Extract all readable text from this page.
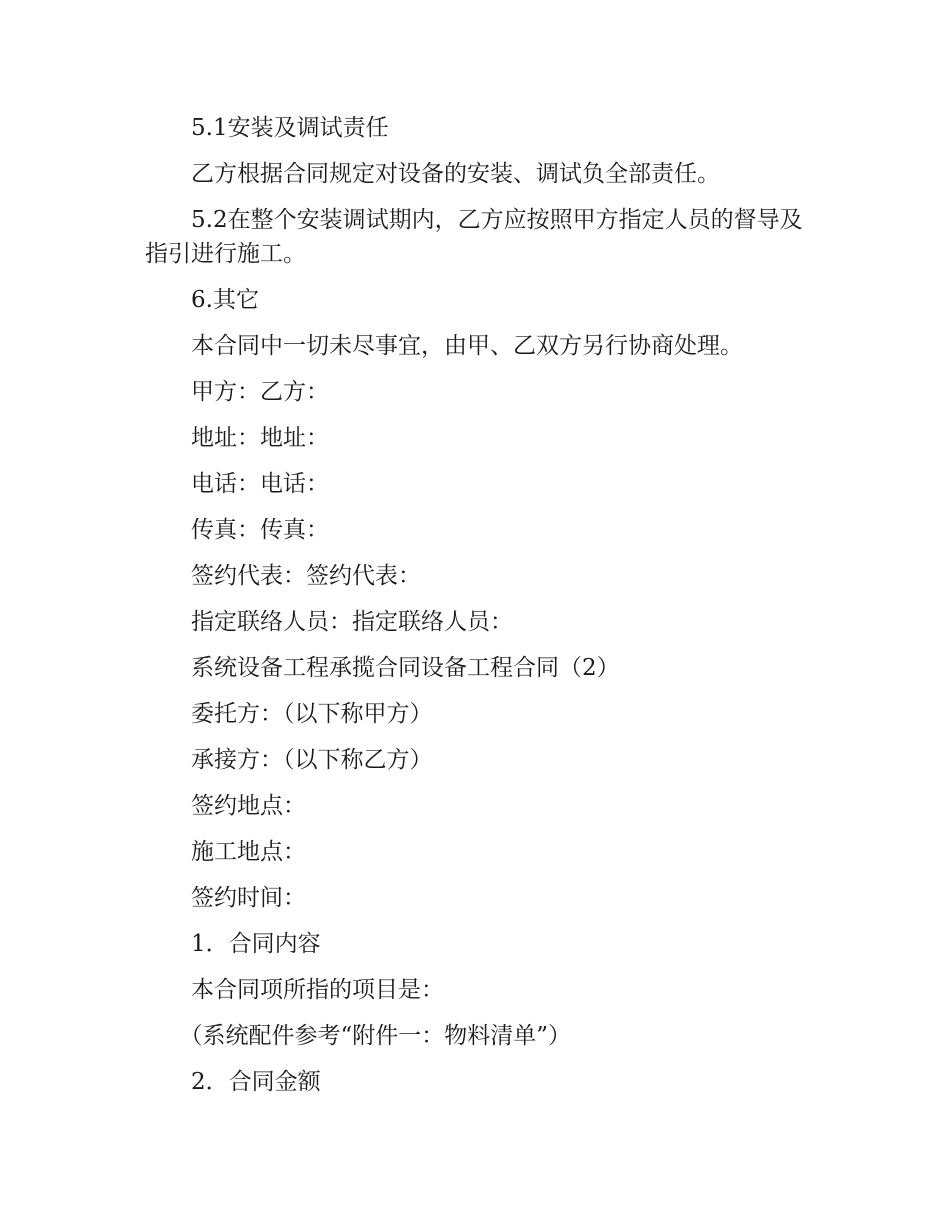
　　5.1安装及调试责任

　　乙方根据合同规定对设备的安装、调试负全部责任。

　　5.2在整个安装调试期内，乙方应按照甲方指定人员的督导及指引进行施工。

　　6.其它

　　本合同中一切未尽事宜，由甲、乙双方另行协商处理。

　　甲方：乙方：

　　地址：地址：

　　电话：电话：

　　传真：传真：

　　签约代表：签约代表：

　　指定联络人员：指定联络人员：

　　系统设备工程承揽合同设备工程合同（2）

　　委托方：（以下称甲方）

　　承接方：（以下称乙方）

　　签约地点：

　　施工地点：

　　签约时间：

　　1．合同内容

　　本合同项所指的项目是：

　　（系统配件参考“附件一：物料清单”）

　　2．合同金额
